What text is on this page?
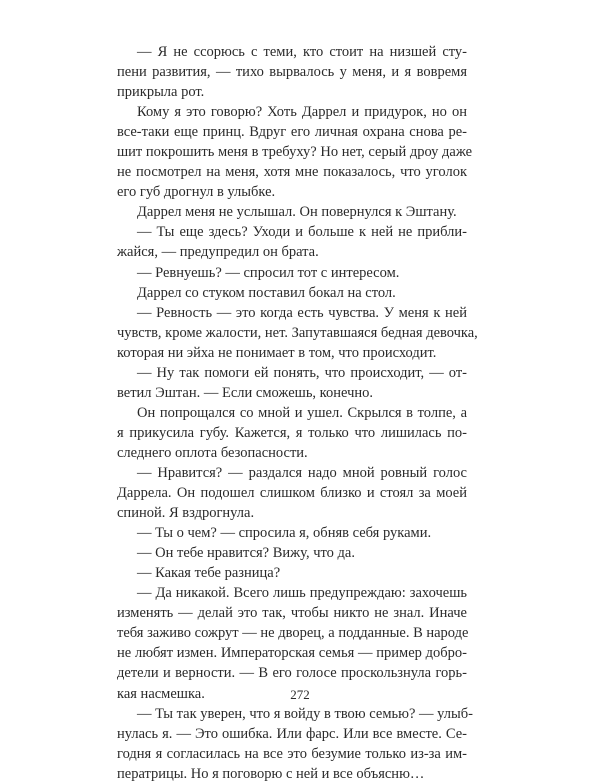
— Я не ссорюсь с теми, кто стоит на низшей сту-
пени развития, — тихо вырвалось у меня, и я вовремя
прикрыла рот.
Кому я это говорю? Хоть Даррел и придурок, но он
все-таки еще принц. Вдруг его личная охрана снова ре-
шит покрошить меня в требуху? Но нет, серый дроу даже
не посмотрел на меня, хотя мне показалось, что уголок
его губ дрогнул в улыбке.
Даррел меня не услышал. Он повернулся к Эштану.
— Ты еще здесь? Уходи и больше к ней не прибли-
жайся, — предупредил он брата.
— Ревнуешь? — спросил тот с интересом.
Даррел со стуком поставил бокал на стол.
— Ревность — это когда есть чувства. У меня к ней
чувств, кроме жалости, нет. Запутавшаяся бедная девочка,
которая ни эйха не понимает в том, что происходит.
— Ну так помоги ей понять, что происходит, — от-
ветил Эштан. — Если сможешь, конечно.
Он попрощался со мной и ушел. Скрылся в толпе, а
я прикусила губу. Кажется, я только что лишилась по-
следнего оплота безопасности.
— Нравится? — раздался надо мной ровный голос
Даррела. Он подошел слишком близко и стоял за моей
спиной. Я вздрогнула.
— Ты о чем? — спросила я, обняв себя руками.
— Он тебе нравится? Вижу, что да.
— Какая тебе разница?
— Да никакой. Всего лишь предупреждаю: захочешь
изменять — делай это так, чтобы никто не знал. Иначе
тебя заживо сожрут — не дворец, а подданные. В народе
не любят измен. Императорская семья — пример добро-
детели и верности. — В его голосе проскользнула горь-
кая насмешка.
— Ты так уверен, что я войду в твою семью? — улыб-
нулась я. — Это ошибка. Или фарс. Или все вместе. Се-
годня я согласилась на все это безумие только из-за им-
ператрицы. Но я поговорю с ней и все объясню…
272
